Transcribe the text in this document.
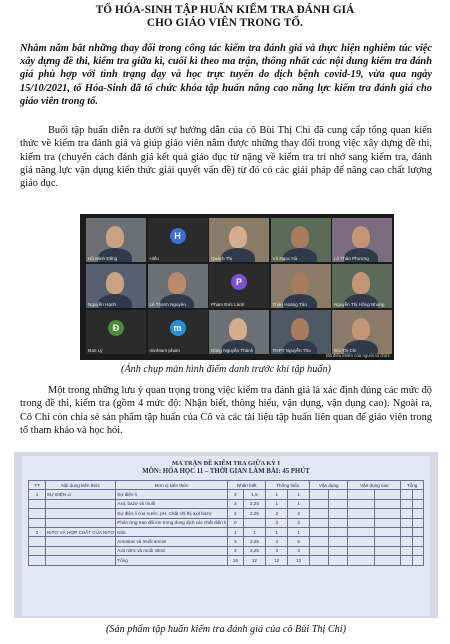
TỔ HÓA-SINH TẬP HUẤN KIỂM TRA ĐÁNH GIÁ
CHO GIÁO VIÊN TRONG TỔ.
Nhằm năm bắt những thay đổi trong công tác kiểm tra đánh giá và thực hiện nghiêm túc việc xây dựng đề thi, kiểm tra giữa kì, cuối kì theo ma trận, thống nhất các nội dung kiểm tra đánh giá phù hợp với tình trạng dạy và học trực tuyến do dịch bệnh covid-19, vừa qua ngày 15/10/2021, tổ Hóa-Sinh đã tổ chức khóa tập huấn nâng cao năng lực kiểm tra đánh giá cho giáo viên trong tổ.
Buổi tập huấn diễn ra dưới sự hướng dẫn của cô Bùi Thị Chi đã cung cấp tổng quan kiến thức về kiểm tra đánh giá và giúp giáo viên nắm được những thay đổi trong việc xây dựng đề thi, kiểm tra (chuyển cách đánh giá kết quả giáo dục từ nặng về kiểm tra trí nhớ sang kiểm tra, đánh giá năng lực vận dụng kiến thức giải quyết vấn đề) từ đó có các giải pháp để nâng cao chất lượng giáo dục.
Hồ Minh Đăng
H
Hiếu	Quách Thị	Vũ Ngọc Hà	Lê Thảo Phương
Nguyễn Hạnh	Lê Thanh Nguyên
P
Phạm Đức Lành	Thân Hoàng Tân	Nguyễn Thị Hồng Nhung
Đ
Đan Lý
m
minhtam pham	Dũng Nguyễn Thành	THPT Nguyễn Thu	Bùi Thị Chi
Đã điều khiển của người tổ chức
(Ảnh chụp màn hình điểm danh trước khi tập huấn)
Một trong những lưu ý quan trọng trong việc kiểm tra đánh giá là xác định đúng các mức độ trong đề thi, kiểm tra (gồm 4 mức độ: Nhận biết, thông hiểu, vận dụng, vận dụng cao). Ngoài ra, Cô Chi còn chia sẻ sản phẩm tập huấn của Cô và các tài liệu tập huấn liên quan để giáo viên trong tổ tham khảo và học hỏi.
MA TRẬN ĐỀ KIỂM TRA GIỮA KỲ I
MÔN: HÓA HỌC 11 – THỜI GIAN LÀM BÀI: 45 PHÚT
TT	Nội dung kiến thức	Đơn vị kiến thức	Nhận biết		Thông hiểu		Vận dụng		Vận dụng cao		Tổng	
1	SỰ ĐIỆN LI	Sự điện li	3	1,5	1	1						
		Axit, bazơ và muối	3	2,25	1	1						
		Sự điện li của nước. pH. Chất chỉ thị axit bazơ	2	2,25	2	2						
		Phản ứng trao đổi ion trong dung dịch các chất điện li	0		3	2						
2	NITƠ VÀ HỢP CHẤT CỦA NITƠ	Nitơ	1	1	1	1						
		Amoniac và muối amoni	3	2,25	4	5						
		Axit nitric và muối nitrat	3	2,25	3	3						
		Tổng	16	12	12	12						
(Sản phẩm tập huấn kiểm tra đánh giá của cô Bùi Thị Chi)
